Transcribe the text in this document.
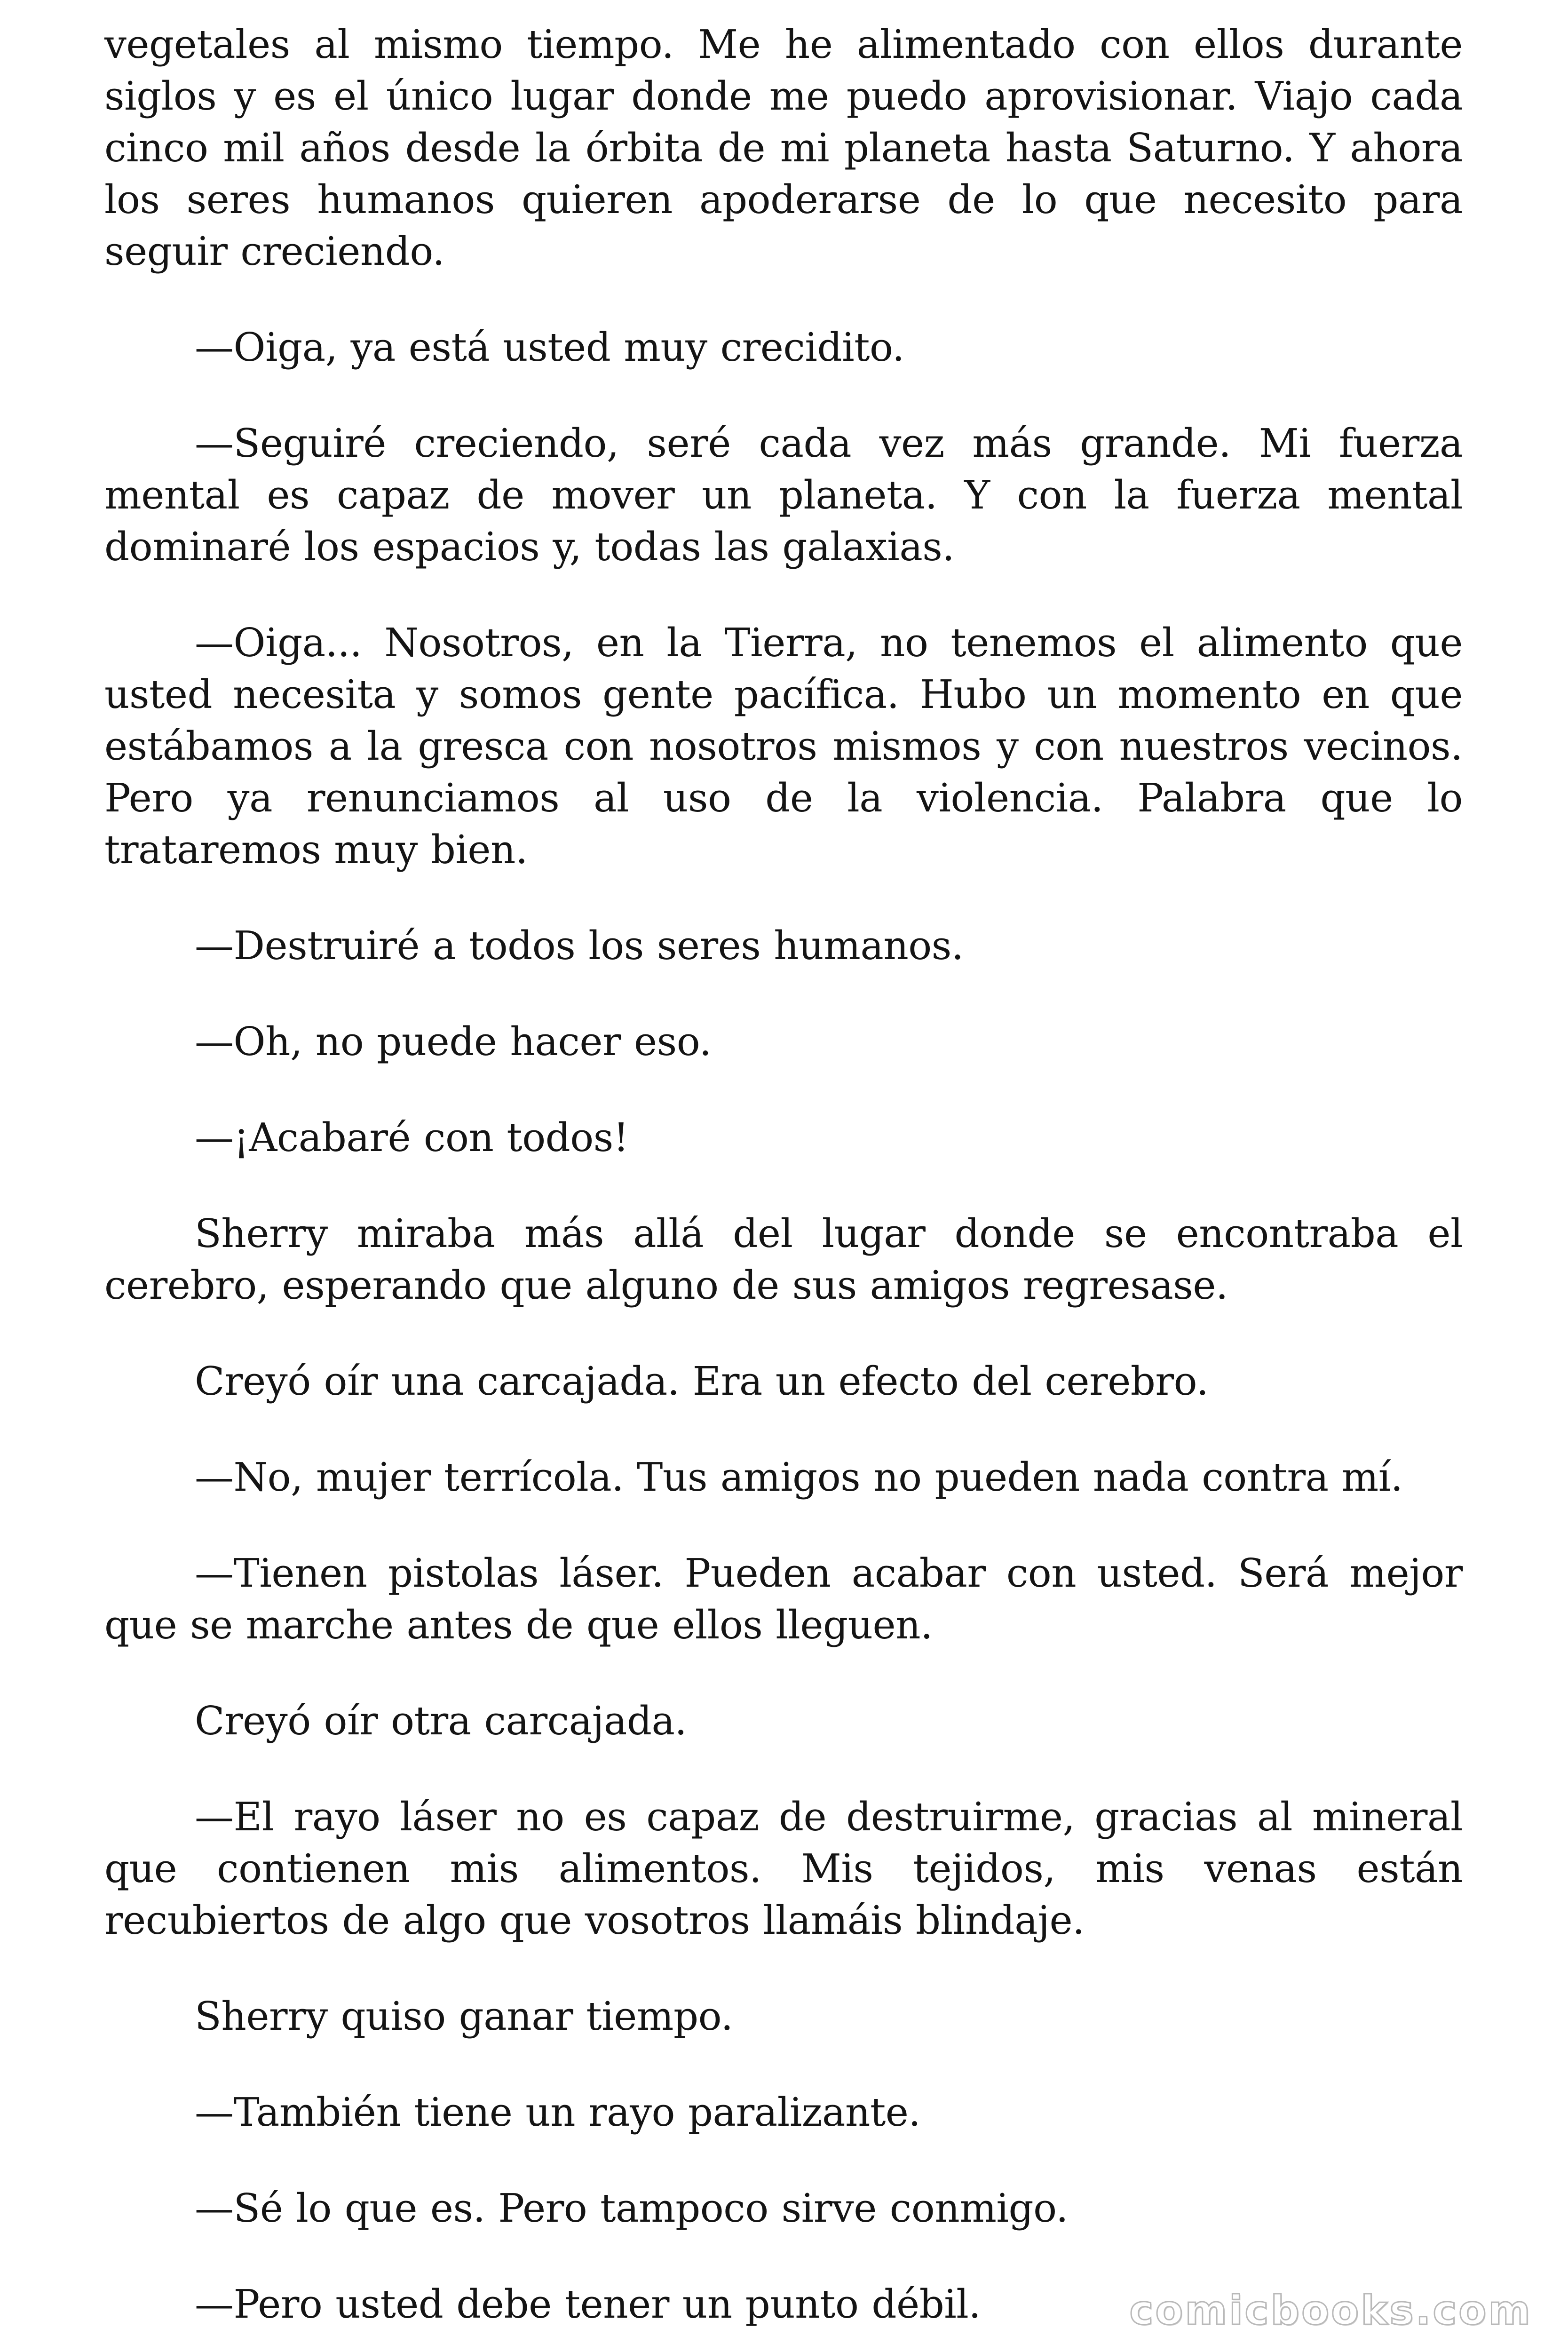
vegetales al mismo tiempo. Me he alimentado con ellos durante siglos y es el único lugar donde me puedo aprovisionar. Viajo cada cinco mil años desde la órbita de mi planeta hasta Saturno. Y ahora los seres humanos quieren apoderarse de lo que necesito para seguir creciendo.

—Oiga, ya está usted muy crecidito.

—Seguiré creciendo, seré cada vez más grande. Mi fuerza mental es capaz de mover un planeta. Y con la fuerza mental dominaré los espacios y, todas las galaxias.

—Oiga... Nosotros, en la Tierra, no tenemos el alimento que usted necesita y somos gente pacífica. Hubo un momento en que estábamos a la gresca con nosotros mismos y con nuestros vecinos. Pero ya renunciamos al uso de la violencia. Palabra que lo trataremos muy bien.

—Destruiré a todos los seres humanos.

—Oh, no puede hacer eso.

—¡Acabaré con todos!

Sherry miraba más allá del lugar donde se encontraba el cerebro, esperando que alguno de sus amigos regresase.

Creyó oír una carcajada. Era un efecto del cerebro.

—No, mujer terrícola. Tus amigos no pueden nada contra mí.

—Tienen pistolas láser. Pueden acabar con usted. Será mejor que se marche antes de que ellos lleguen.

Creyó oír otra carcajada.

—El rayo láser no es capaz de destruirme, gracias al mineral que contienen mis alimentos. Mis tejidos, mis venas están recubiertos de algo que vosotros llamáis blindaje.

Sherry quiso ganar tiempo.

—También tiene un rayo paralizante.

—Sé lo que es. Pero tampoco sirve conmigo.

—Pero usted debe tener un punto débil.	comicbooks.com
